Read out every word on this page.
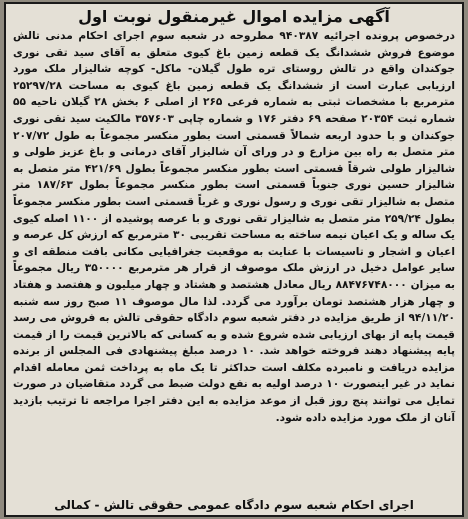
آگهی مزایده اموال غیرمنقول نوبت اول
درخصوص پرونده اجرائیه ۹۴۰۳۸۷ مطروحه در شعبه سوم اجرای احکام مدنی تالش موضوع فروش ششدانگ یک قطعه زمین باغ کیوی متعلق به آقای سید تقی نوری جوکندان واقع در تالش روستای تره طول گیلان- ماکل- کوچه شالیزار ملک مورد ارزیابی عبارت است از ششدانگ یک قطعه زمین باغ کیوی به مساحت ۲۵۲۹۷/۲۸ مترمربع با مشخصات ثبتی به شماره فرعی ۲۶۵ از اصلی ۶ بخش ۲۸ گیلان ناحیه ۵۵ شماره ثبت ۲۰۳۵۴ صفحه ۶۹ دفتر ۱۷۶ و شماره چاپی ۳۵۷۶۰۳ مالکیت سید تقی نوری جوکندان و با حدود اربعه شمالاً قسمتی است بطور منکسر مجموعاً به طول ۲۰۷/۷۲ متر متصل به راه بین مزارع و در ورای آن شالیزار آقای درمانی و باغ عزیز طولی و شالیزار طولی شرقاً قسمتی است بطور منکسر مجموعاً بطول ۴۲۱/۶۹ متر متصل به شالیزار حسین نوری جنوباً قسمتی است بطور منکسر مجموعاً بطول ۱۸۷/۶۳ متر متصل به شالیزار تقی نوری و رسول نوری و غرباً قسمتی است بطور منکسر مجموعاً بطول ۲۵۹/۲۴ متر متصل به شالیزار تقی نوری و با عرصه پوشیده از ۱۱۰۰ اصله کیوی یک ساله و یک اعیان نیمه ساخته به مساحت تقریبی ۳۰ مترمربع که ارزش کل عرصه و اعیان و اشجار و تاسیسات با عنایت به موقعیت جغرافیایی مکانی بافت منطقه ای و سایر عوامل دخیل در ارزش ملک موصوف از قرار هر مترمربع ۳۵۰۰۰۰ ریال مجموعاً به میزان ۸۸۴۷۶۷۴۸۰۰۰ ریال معادل هشتصد و هشتاد و چهار میلیون و هفتصد و هفتاد و چهار هزار هشتصد تومان برآورد می گردد. لذا مال موصوف ۱۱ صبح روز سه شنبه ۹۴/۱۱/۲۰ از طریق مزایده در دفتر شعبه سوم دادگاه حقوقی تالش به فروش می رسد قیمت پایه از بهای ارزیابی شده شروع شده و به کسانی که بالاترین قیمت را از قیمت پایه پیشنهاد دهند فروخته خواهد شد. ۱۰ درصد مبلغ پیشنهادی فی المجلس از برنده مزایده دریافت و نامبرده مکلف است حداکثر تا یک ماه به پرداخت ثمن معامله اقدام نماید در غیر اینصورت ۱۰ درصد اولیه به نفع دولت ضبط می گردد متقاضیان در صورت تمایل می توانند پنج روز قبل از موعد مزایده به این دفتر اجرا مراجعه تا ترتیب بازدید آنان از ملک مورد مزایده داده شود.
اجرای احکام شعبه سوم دادگاه عمومی حقوقی تالش - کمالی
